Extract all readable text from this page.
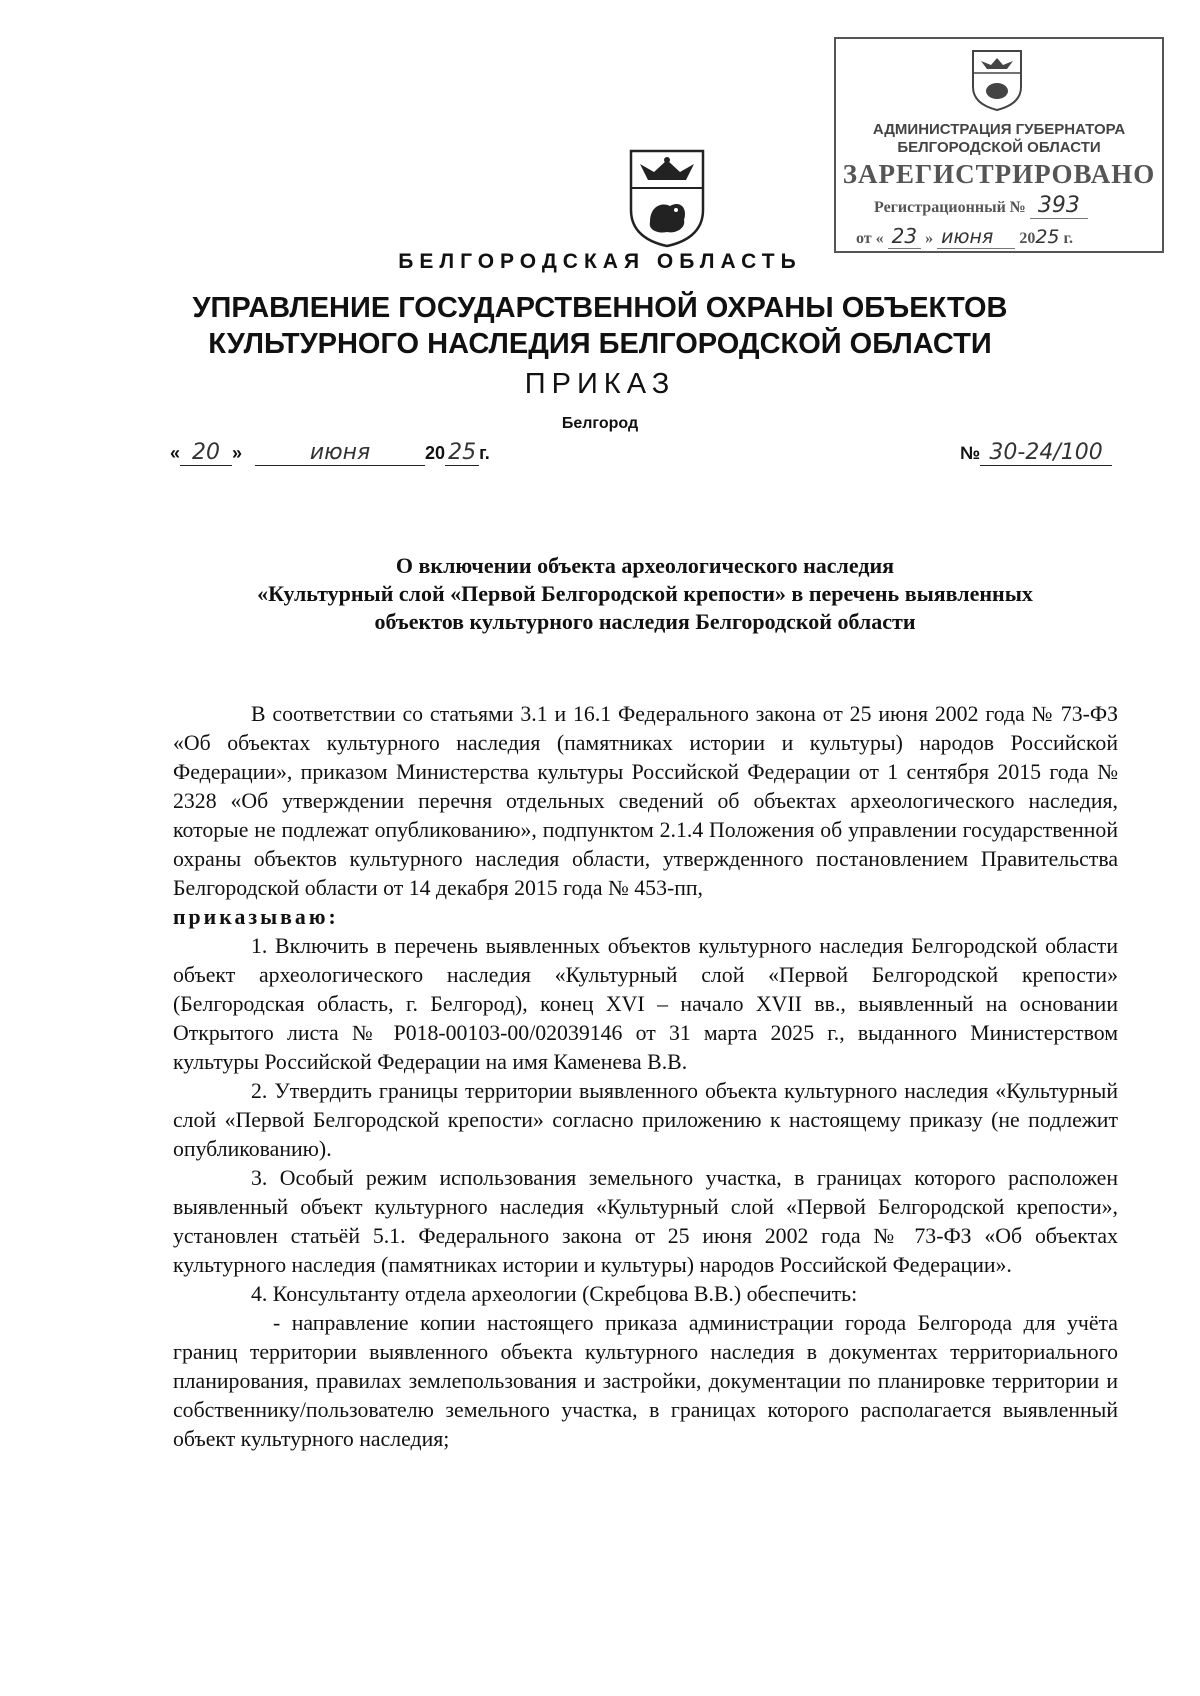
АДМИНИСТРАЦИЯ ГУБЕРНАТОРА
БЕЛГОРОДСКОЙ ОБЛАСТИ
ЗАРЕГИСТРИРОВАНО
Регистрационный № 393
от « 23 » июня 2025 г.
БЕЛГОРОДСКАЯ ОБЛАСТЬ
УПРАВЛЕНИЕ ГОСУДАРСТВЕННОЙ ОХРАНЫ ОБЪЕКТОВ
КУЛЬТУРНОГО НАСЛЕДИЯ БЕЛГОРОДСКОЙ ОБЛАСТИ
ПРИКАЗ
Белгород
« 20 »	июня	20 25 г.	№ 30-24/100
О включении объекта археологического наследия
«Культурный слой «Первой Белгородской крепости» в перечень выявленных
объектов культурного наследия Белгородской области

В соответствии со статьями 3.1 и 16.1 Федерального закона от 25 июня 2002 года № 73-ФЗ «Об объектах культурного наследия (памятниках истории и культуры) народов Российской Федерации», приказом Министерства культуры Российской Федерации от 1 сентября 2015 года № 2328 «Об утверждении перечня отдельных сведений об объектах археологического наследия, которые не подлежат опубликованию», подпунктом 2.1.4 Положения об управлении государственной охраны объектов культурного наследия области, утвержденного постановлением Правительства Белгородской области от 14 декабря 2015 года № 453-пп,

приказываю:

1. Включить в перечень выявленных объектов культурного наследия Белгородской области объект археологического наследия «Культурный слой «Первой Белгородской крепости» (Белгородская область, г. Белгород), конец XVI – начало XVII вв., выявленный на основании Открытого листа № Р018-00103-00/02039146 от 31 марта 2025 г., выданного Министерством культуры Российской Федерации на имя Каменева В.В.

2. Утвердить границы территории выявленного объекта культурного наследия «Культурный слой «Первой Белгородской крепости» согласно приложению к настоящему приказу (не подлежит опубликованию).

3. Особый режим использования земельного участка, в границах которого расположен выявленный объект культурного наследия «Культурный слой «Первой Белгородской крепости», установлен статьёй 5.1. Федерального закона от 25 июня 2002 года № 73-ФЗ «Об объектах культурного наследия (памятниках истории и культуры) народов Российской Федерации».

4. Консультанту отдела археологии (Скребцова В.В.) обеспечить:

- направление копии настоящего приказа администрации города Белгорода для учёта границ территории выявленного объекта культурного наследия в документах территориального планирования, правилах землепользования и застройки, документации по планировке территории и собственнику/пользователю земельного участка, в границах которого располагается выявленный объект культурного наследия;
